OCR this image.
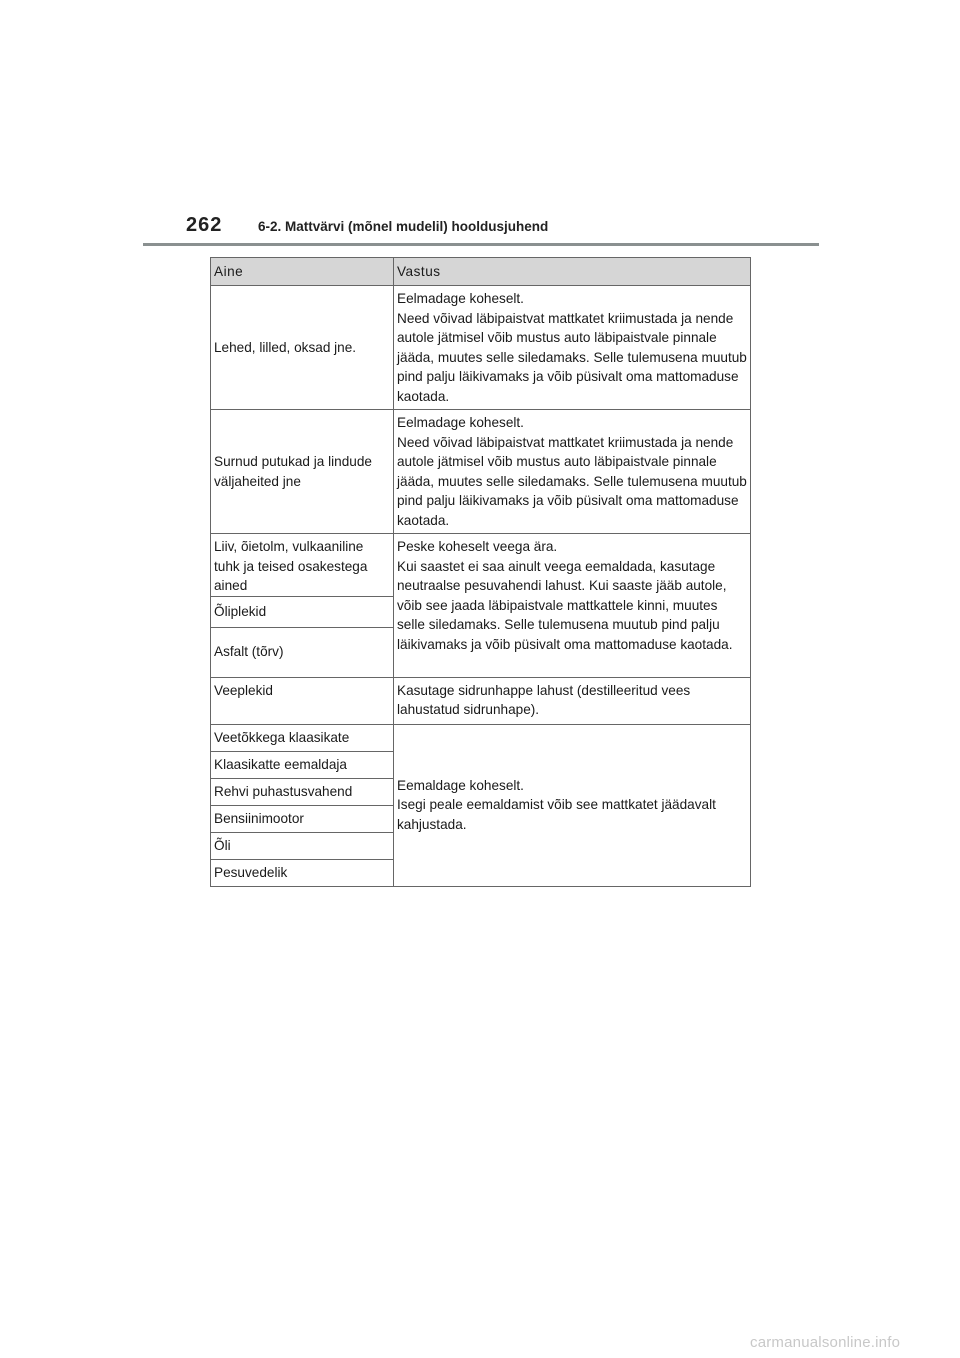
262	6-2. Mattvärvi (mõnel mudelil) hooldusjuhend
Aine	Vastus
Lehed, lilled, oksad jne.	Eelmadage koheselt.
Need võivad läbipaistvat mattkatet kriimustada ja nende autole jätmisel võib mustus auto läbipaistvale pinnale jääda, muutes selle siledamaks. Selle tulemusena muutub pind palju läikivamaks ja võib püsivalt oma mattomaduse kaotada.
Surnud putukad ja lindude väljaheited jne	Eelmadage koheselt.
Need võivad läbipaistvat mattkatet kriimustada ja nende autole jätmisel võib mustus auto läbipaistvale pinnale jääda, muutes selle siledamaks. Selle tulemusena muutub pind palju läikivamaks ja võib püsivalt oma mattomaduse kaotada.
Liiv, õietolm, vulkaaniline tuhk ja teised osakestega ained	Peske koheselt veega ära.
Kui saastet ei saa ainult veega eemaldada, kasutage neutraalse pesuvahendi lahust. Kui saaste jääb autole, võib see jaada läbipaistvale mattkattele kinni, muutes selle siledamaks. Selle tulemusena muutub pind palju läikivamaks ja võib püsivalt oma mattomaduse kaotada.
Õliplekid	
Asfalt (tõrv)	
Veeplekid	Kasutage sidrunhappe lahust (destilleeritud vees lahustatud sidrunhape).
Veetõkkega klaasikate	Eemaldage koheselt.
Isegi peale eemaldamist võib see mattkatet jäädavalt kahjustada.
Klaasikatte eemaldaja	
Rehvi puhastusvahend	
Bensiinimootor	
Õli	
Pesuvedelik	
carmanualsonline.info
